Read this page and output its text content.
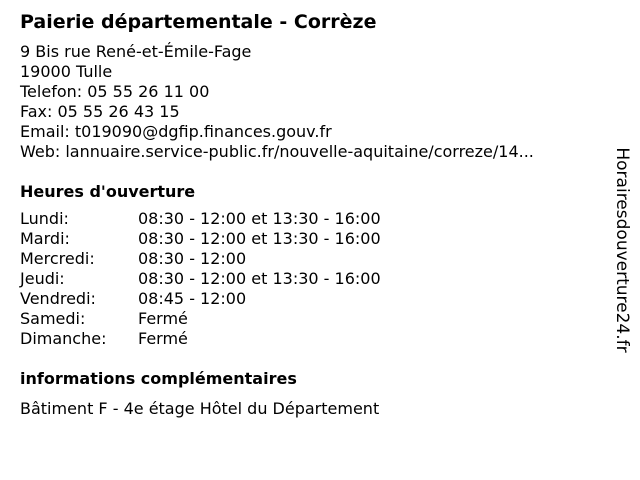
Paierie départementale - Corrèze
9 Bis rue René-et-Émile-Fage
19000 Tulle
Telefon: 05 55 26 11 00
Fax: 05 55 26 43 15
Email: t019090@dgfip.finances.gouv.fr
Web: lannuaire.service-public.fr/nouvelle-aquitaine/correze/14...
Heures d'ouverture
Lundi:	08:30 - 12:00 et 13:30 - 16:00
Mardi:	08:30 - 12:00 et 13:30 - 16:00
Mercredi:	08:30 - 12:00
Jeudi:	08:30 - 12:00 et 13:30 - 16:00
Vendredi:	08:45 - 12:00
Samedi:	Fermé
Dimanche:	Fermé
informations complémentaires
Bâtiment F - 4e étage Hôtel du Département
Horairesdouverture24.fr
